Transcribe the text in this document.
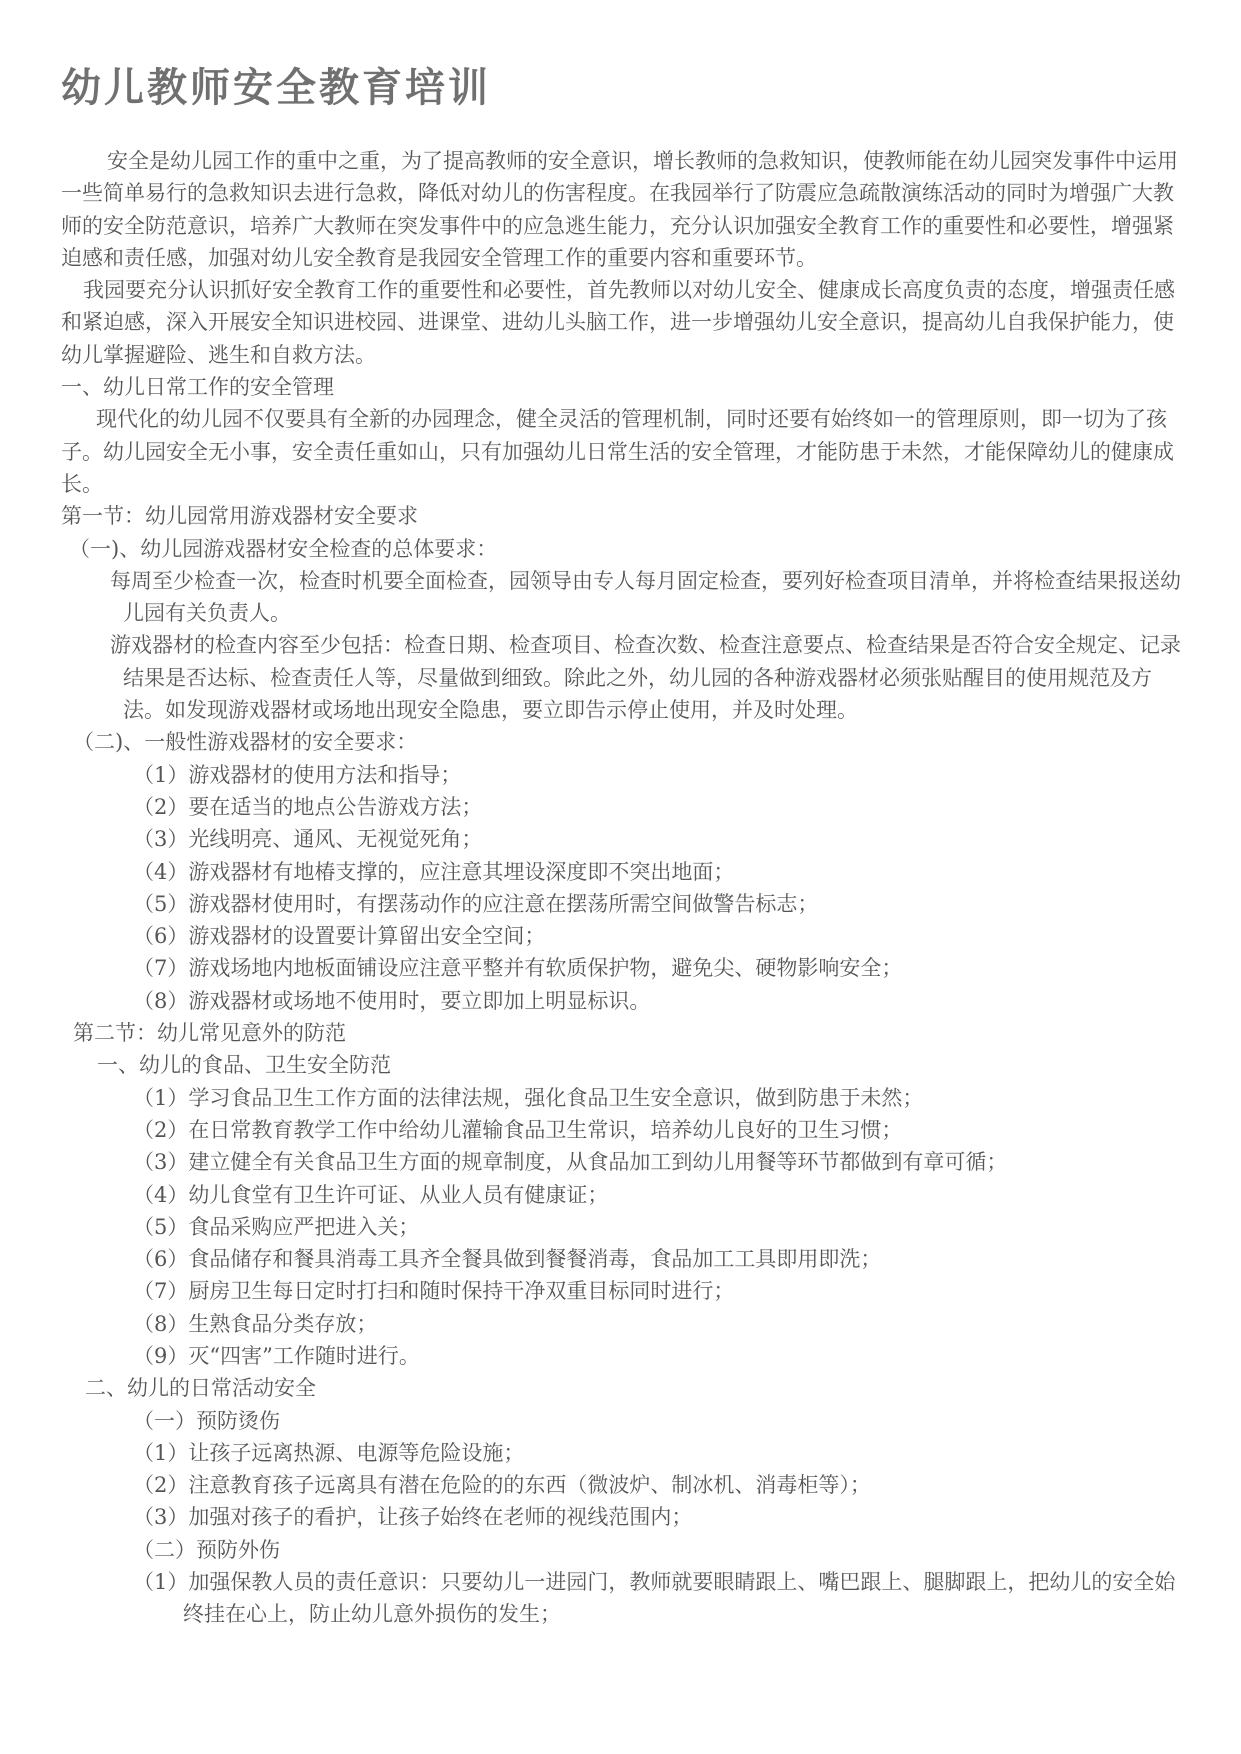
幼儿教师安全教育培训

安全是幼儿园工作的重中之重，为了提高教师的安全意识，增长教师的急救知识，使教师能在幼儿园突发事件中运用一些简单易行的急救知识去进行急救，降低对幼儿的伤害程度。在我园举行了防震应急疏散演练活动的同时为增强广大教师的安全防范意识，培养广大教师在突发事件中的应急逃生能力，充分认识加强安全教育工作的重要性和必要性，增强紧迫感和责任感，加强对幼儿安全教育是我园安全管理工作的重要内容和重要环节。

我园要充分认识抓好安全教育工作的重要性和必要性，首先教师以对幼儿安全、健康成长高度负责的态度，增强责任感和紧迫感，深入开展安全知识进校园、进课堂、进幼儿头脑工作，进一步增强幼儿安全意识，提高幼儿自我保护能力，使幼儿掌握避险、逃生和自救方法。

一、幼儿日常工作的安全管理

现代化的幼儿园不仅要具有全新的办园理念，健全灵活的管理机制，同时还要有始终如一的管理原则，即一切为了孩子。幼儿园安全无小事，安全责任重如山，只有加强幼儿日常生活的安全管理，才能防患于未然，才能保障幼儿的健康成长。

第一节：幼儿园常用游戏器材安全要求

（一)、幼儿园游戏器材安全检查的总体要求：

每周至少检查一次，检查时机要全面检查，园领导由专人每月固定检查，要列好检查项目清单，并将检查结果报送幼儿园有关负责人。

游戏器材的检查内容至少包括：检查日期、检查项目、检查次数、检查注意要点、检查结果是否符合安全规定、记录结果是否达标、检查责任人等，尽量做到细致。除此之外，幼儿园的各种游戏器材必须张贴醒目的使用规范及方法。如发现游戏器材或场地出现安全隐患，要立即告示停止使用，并及时处理。

（二)、一般性游戏器材的安全要求：

（1）游戏器材的使用方法和指导；

（2）要在适当的地点公告游戏方法；

（3）光线明亮、通风、无视觉死角；

（4）游戏器材有地椿支撑的，应注意其埋设深度即不突出地面；

（5）游戏器材使用时，有摆荡动作的应注意在摆荡所需空间做警告标志；

（6）游戏器材的设置要计算留出安全空间；

（7）游戏场地内地板面铺设应注意平整并有软质保护物，避免尖、硬物影响安全；

（8）游戏器材或场地不使用时，要立即加上明显标识。

第二节：幼儿常见意外的防范

一、幼儿的食品、卫生安全防范

（1）学习食品卫生工作方面的法律法规，强化食品卫生安全意识，做到防患于未然；

（2）在日常教育教学工作中给幼儿灌输食品卫生常识，培养幼儿良好的卫生习惯；

（3）建立健全有关食品卫生方面的规章制度，从食品加工到幼儿用餐等环节都做到有章可循；

（4）幼儿食堂有卫生许可证、从业人员有健康证；

（5）食品采购应严把进入关；

（6）食品储存和餐具消毒工具齐全餐具做到餐餐消毒，食品加工工具即用即洗；

（7）厨房卫生每日定时打扫和随时保持干净双重目标同时进行；

（8）生熟食品分类存放；

（9）灭“四害”工作随时进行。

二、幼儿的日常活动安全

（一）预防烫伤

（1）让孩子远离热源、电源等危险设施；

（2）注意教育孩子远离具有潜在危险的的东西（微波炉、制冰机、消毒柜等）；

（3）加强对孩子的看护，让孩子始终在老师的视线范围内；

（二）预防外伤

（1）加强保教人员的责任意识：只要幼儿一进园门，教师就要眼睛跟上、嘴巴跟上、腿脚跟上，把幼儿的安全始终挂在心上，防止幼儿意外损伤的发生；
